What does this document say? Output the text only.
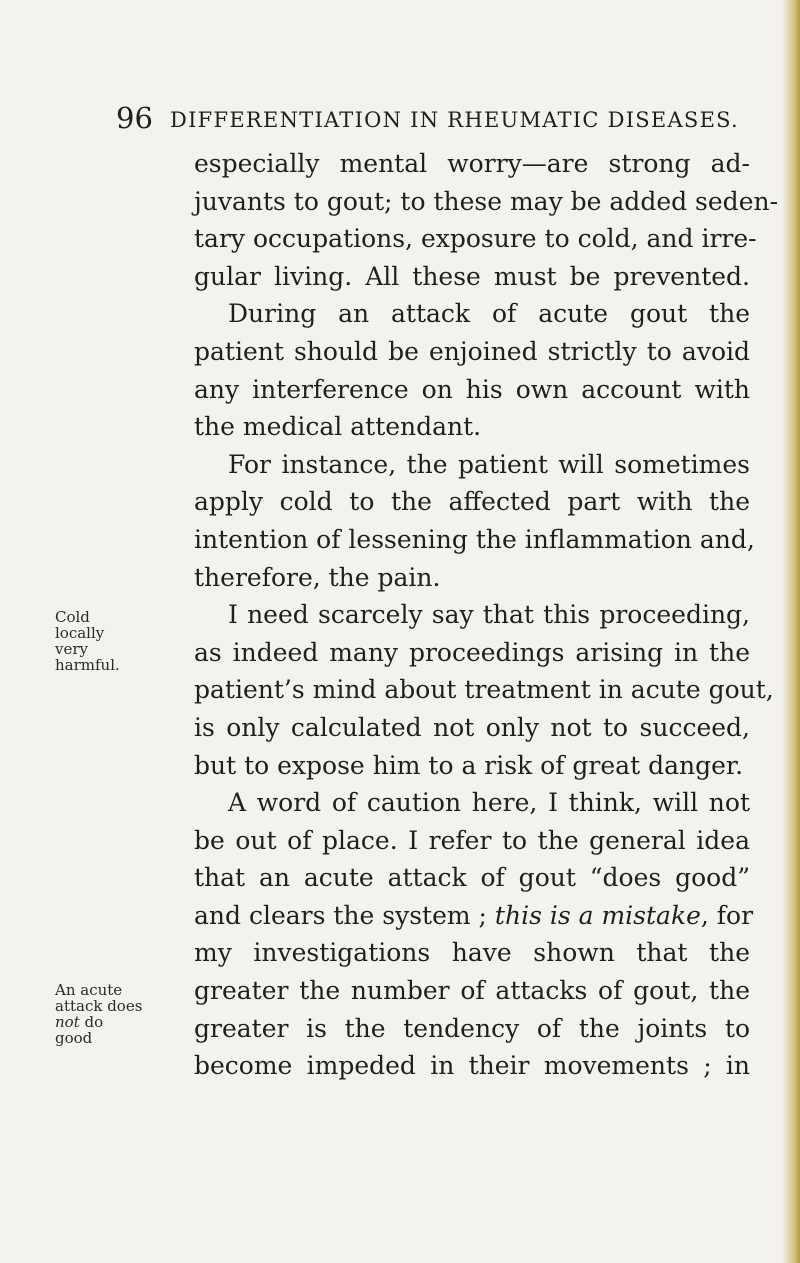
96 DIFFERENTIATION IN RHEUMATIC DISEASES.

Cold
locally
very
harmful.

An acute
attack does
not do
good

especially mental worry—are strong ad-
juvants to gout; to these may be added seden-
tary occupations, exposure to cold, and irre-
gular living. All these must be prevented.
During an attack of acute gout the
patient should be enjoined strictly to avoid
any interference on his own account with
the medical attendant.
For instance, the patient will sometimes
apply cold to the affected part with the
intention of lessening the inflammation and,
therefore, the pain.
I need scarcely say that this proceeding,
as indeed many proceedings arising in the
patient’s mind about treatment in acute gout,
is only calculated not only not to succeed,
but to expose him to a risk of great danger.
A word of caution here, I think, will not
be out of place. I refer to the general idea
that an acute attack of gout “does good”
and clears the system ; this is a mistake, for
my investigations have shown that the
greater the number of attacks of gout, the
greater is the tendency of the joints to
become impeded in their movements ; in
